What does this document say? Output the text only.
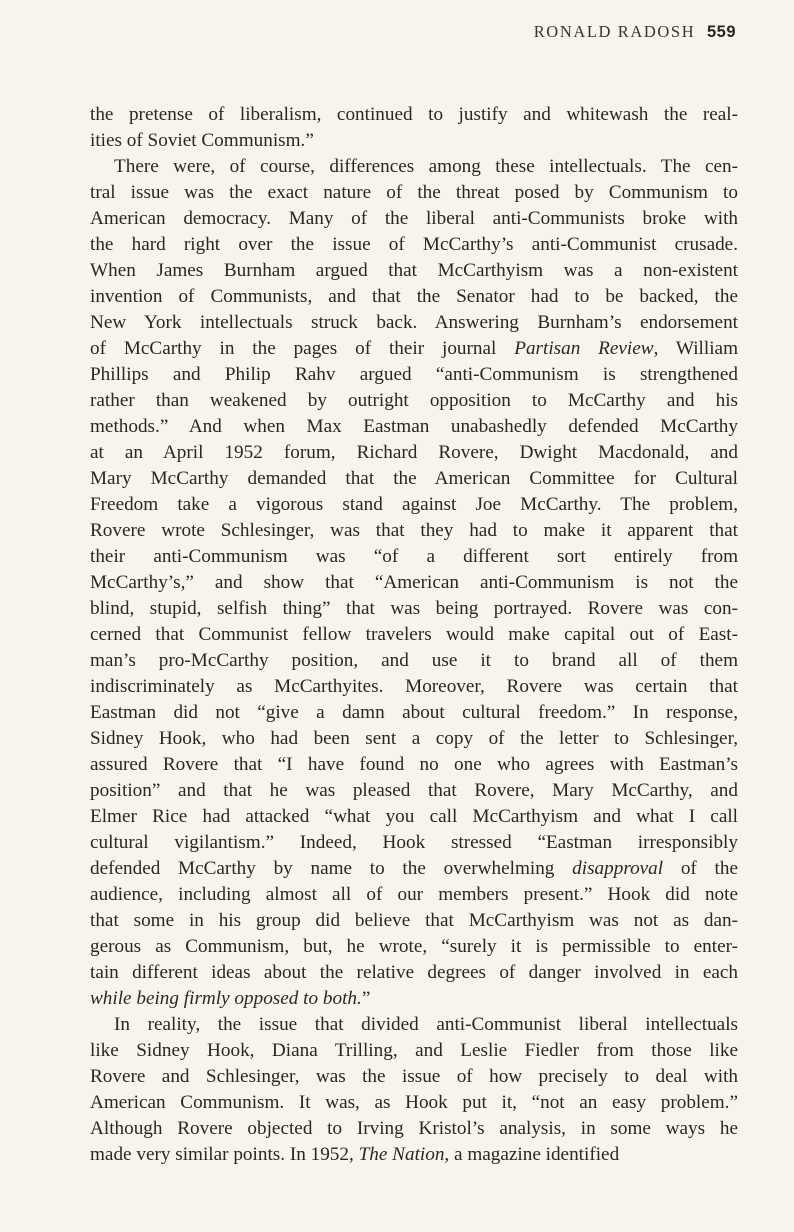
RONALD RADOSH 559
the pretense of liberalism, continued to justify and whitewash the real-
ities of Soviet Communism.”
There were, of course, differences among these intellectuals. The cen-
tral issue was the exact nature of the threat posed by Communism to
American democracy. Many of the liberal anti-Communists broke with
the hard right over the issue of McCarthy’s anti-Communist crusade.
When James Burnham argued that McCarthyism was a non-existent
invention of Communists, and that the Senator had to be backed, the
New York intellectuals struck back. Answering Burnham’s endorsement
of McCarthy in the pages of their journal Partisan Review, William
Phillips and Philip Rahv argued “anti-Communism is strengthened
rather than weakened by outright opposition to McCarthy and his
methods.” And when Max Eastman unabashedly defended McCarthy
at an April 1952 forum, Richard Rovere, Dwight Macdonald, and
Mary McCarthy demanded that the American Committee for Cultural
Freedom take a vigorous stand against Joe McCarthy. The problem,
Rovere wrote Schlesinger, was that they had to make it apparent that
their anti-Communism was “of a different sort entirely from
McCarthy’s,” and show that “American anti-Communism is not the
blind, stupid, selfish thing” that was being portrayed. Rovere was con-
cerned that Communist fellow travelers would make capital out of East-
man’s pro-McCarthy position, and use it to brand all of them
indiscriminately as McCarthyites. Moreover, Rovere was certain that
Eastman did not “give a damn about cultural freedom.” In response,
Sidney Hook, who had been sent a copy of the letter to Schlesinger,
assured Rovere that “I have found no one who agrees with Eastman’s
position” and that he was pleased that Rovere, Mary McCarthy, and
Elmer Rice had attacked “what you call McCarthyism and what I call
cultural vigilantism.” Indeed, Hook stressed “Eastman irresponsibly
defended McCarthy by name to the overwhelming disapproval of the
audience, including almost all of our members present.” Hook did note
that some in his group did believe that McCarthyism was not as dan-
gerous as Communism, but, he wrote, “surely it is permissible to enter-
tain different ideas about the relative degrees of danger involved in each
while being firmly opposed to both.”
In reality, the issue that divided anti-Communist liberal intellectuals
like Sidney Hook, Diana Trilling, and Leslie Fiedler from those like
Rovere and Schlesinger, was the issue of how precisely to deal with
American Communism. It was, as Hook put it, “not an easy problem.”
Although Rovere objected to Irving Kristol’s analysis, in some ways he
made very similar points. In 1952, The Nation, a magazine identified
